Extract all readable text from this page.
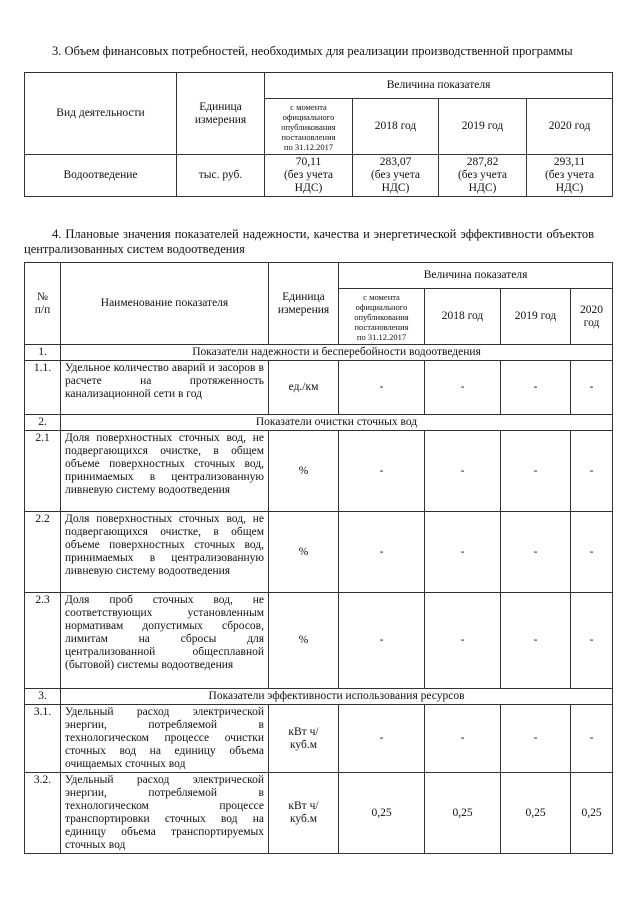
3. Объем финансовых потребностей, необходимых для реализации производственной программы
Вид деятельности	Единица
измерения	Величина показателя			
		с момента
официального
опубликования
постановления
по 31.12.2017	2018 год	2019 год	2020 год
Водоотведение	тыс. руб.	70,11
(без учета
НДС)	283,07
(без учета
НДС)	287,82
(без учета
НДС)	293,11
(без учета
НДС)
4. Плановые значения показателей надежности, качества и энергетической эффективности объектов централизованных систем водоотведения
№
п/п	Наименование показателя	Единица
измерения	Величина показателя			
			с момента
официального
опубликования
постановления
по 31.12.2017	2018 год	2019 год	2020
год
1.	Показатели надежности и бесперебойности водоотведения					
1.1.	Удельное количество аварий и засоров в расчете на протяженность канализационной сети в год	ед./км	-	-	-	-
2.	Показатели очистки сточных вод					
2.1	Доля поверхностных сточных вод, не подвергающихся очистке, в общем объеме поверхностных сточных вод, принимаемых в централизованную ливневую систему водоотведения	%	-	-	-	-
2.2	Доля поверхностных сточных вод, не подвергающихся очистке, в общем объеме поверхностных сточных вод, принимаемых в централизованную ливневую систему водоотведения	%	-	-	-	-
2.3	Доля проб сточных вод, не соответствующих установленным нормативам допустимых сбросов, лимитам на сбросы для централизованной общесплавной (бытовой) системы водоотведения	%	-	-	-	-
3.	Показатели эффективности использования ресурсов					
3.1.	Удельный расход электрической энергии, потребляемой в технологическом процессе очистки сточных вод на единицу объема очищаемых сточных вод	кВт ч/
куб.м	-	-	-	-
3.2.	Удельный расход электрической энергии, потребляемой в технологическом процессе транспортировки сточных вод на единицу объема транспортируемых сточных вод	кВт ч/
куб.м	0,25	0,25	0,25	0,25
